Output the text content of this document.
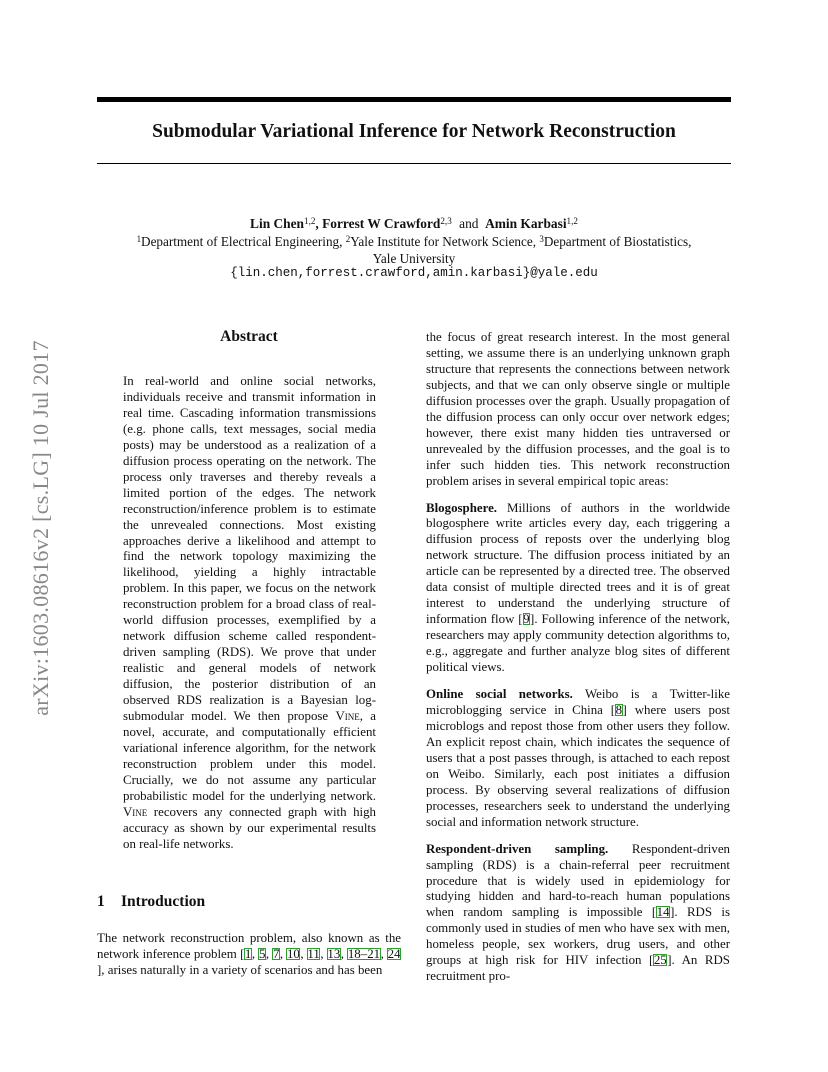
Submodular Variational Inference for Network Reconstruction
Lin Chen$^{1,2}$, Forrest W Crawford$^{2,3}$ and Amin Karbasi$^{1,2}$
$^1$Department of Electrical Engineering, $^2$Yale Institute for Network Science, $^3$Department of Biostatistics,
Yale University
{lin.chen,forrest.crawford,amin.karbasi}@yale.edu
arXiv:1603.08616v2 [cs.LG] 10 Jul 2017
Abstract
In real-world and online social networks, individuals receive and transmit information in real time. Cascading information transmissions (e.g. phone calls, text messages, social media posts) may be understood as a realization of a diffusion process operating on the network. The process only traverses and thereby reveals a limited portion of the edges. The network reconstruction/inference problem is to estimate the unrevealed connections. Most existing approaches derive a likelihood and attempt to find the network topology maximizing the likelihood, yielding a highly intractable problem. In this paper, we focus on the network reconstruction problem for a broad class of real-world diffusion processes, exemplified by a network diffusion scheme called respondent-driven sampling (RDS). We prove that under realistic and general models of network diffusion, the posterior distribution of an observed RDS realization is a Bayesian log-submodular model. We then propose Vine, a novel, accurate, and computationally efficient variational inference algorithm, for the network reconstruction problem under this model. Crucially, we do not assume any particular probabilistic model for the underlying network. Vine recovers any connected graph with high accuracy as shown by our experimental results on real-life networks.
1 Introduction
The network reconstruction problem, also known as the network inference problem [1, 5, 7, 10, 11, 13, 18–21, 24], arises naturally in a variety of scenarios and has been

the focus of great research interest. In the most general setting, we assume there is an underlying unknown graph structure that represents the connections between network subjects, and that we can only observe single or multiple diffusion processes over the graph. Usually propagation of the diffusion process can only occur over network edges; however, there exist many hidden ties untraversed or unrevealed by the diffusion processes, and the goal is to infer such hidden ties. This network reconstruction problem arises in several empirical topic areas:

Blogosphere. Millions of authors in the worldwide blogosphere write articles every day, each triggering a diffusion process of reposts over the underlying blog network structure. The diffusion process initiated by an article can be represented by a directed tree. The observed data consist of multiple directed trees and it is of great interest to understand the underlying structure of information flow [9]. Following inference of the network, researchers may apply community detection algorithms to, e.g., aggregate and further analyze blog sites of different political views.

Online social networks. Weibo is a Twitter-like microblogging service in China [8] where users post microblogs and repost those from other users they follow. An explicit repost chain, which indicates the sequence of users that a post passes through, is attached to each repost on Weibo. Similarly, each post initiates a diffusion process. By observing several realizations of diffusion processes, researchers seek to understand the underlying social and information network structure.

Respondent-driven sampling. Respondent-driven sampling (RDS) is a chain-referral peer recruitment procedure that is widely used in epidemiology for studying hidden and hard-to-reach human populations when random sampling is impossible [14]. RDS is commonly used in studies of men who have sex with men, homeless people, sex workers, drug users, and other groups at high risk for HIV infection [25]. An RDS recruitment pro-
